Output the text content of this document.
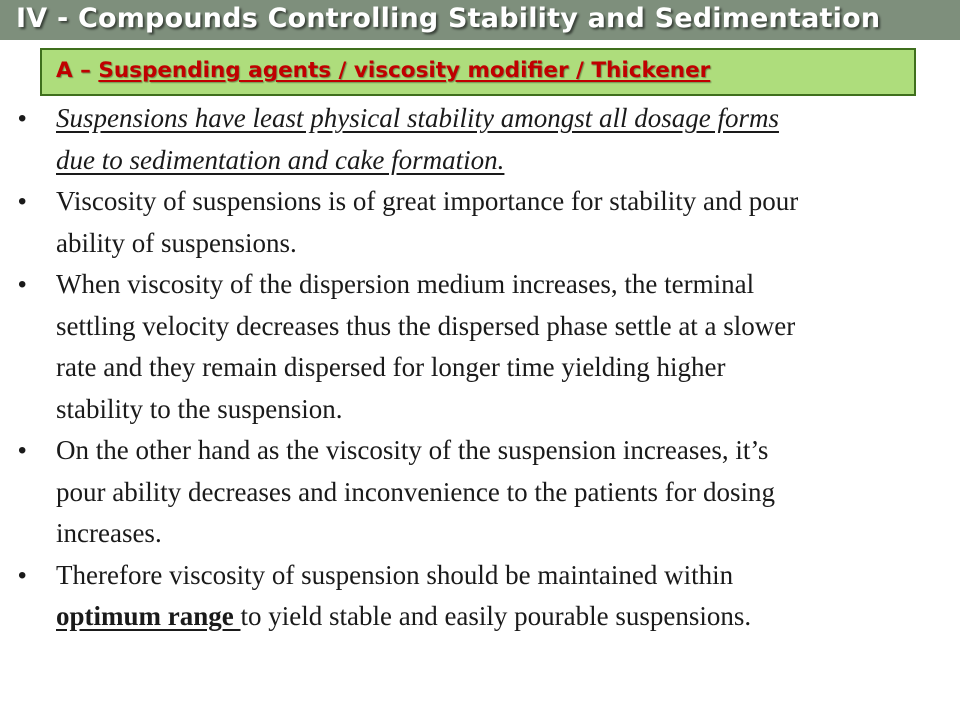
IV - Compounds Controlling Stability and Sedimentation
A – Suspending agents / viscosity modifier / Thickener
• Suspensions have least physical stability amongst all dosage forms
due to sedimentation and cake formation.
• Viscosity of suspensions is of great importance for stability and pour
ability of suspensions.
• When viscosity of the dispersion medium increases, the terminal
settling velocity decreases thus the dispersed phase settle at a slower
rate and they remain dispersed for longer time yielding higher
stability to the suspension.
• On the other hand as the viscosity of the suspension increases, it’s
pour ability decreases and inconvenience to the patients for dosing
increases.
• Therefore viscosity of suspension should be maintained within
optimum range to yield stable and easily pourable suspensions.
